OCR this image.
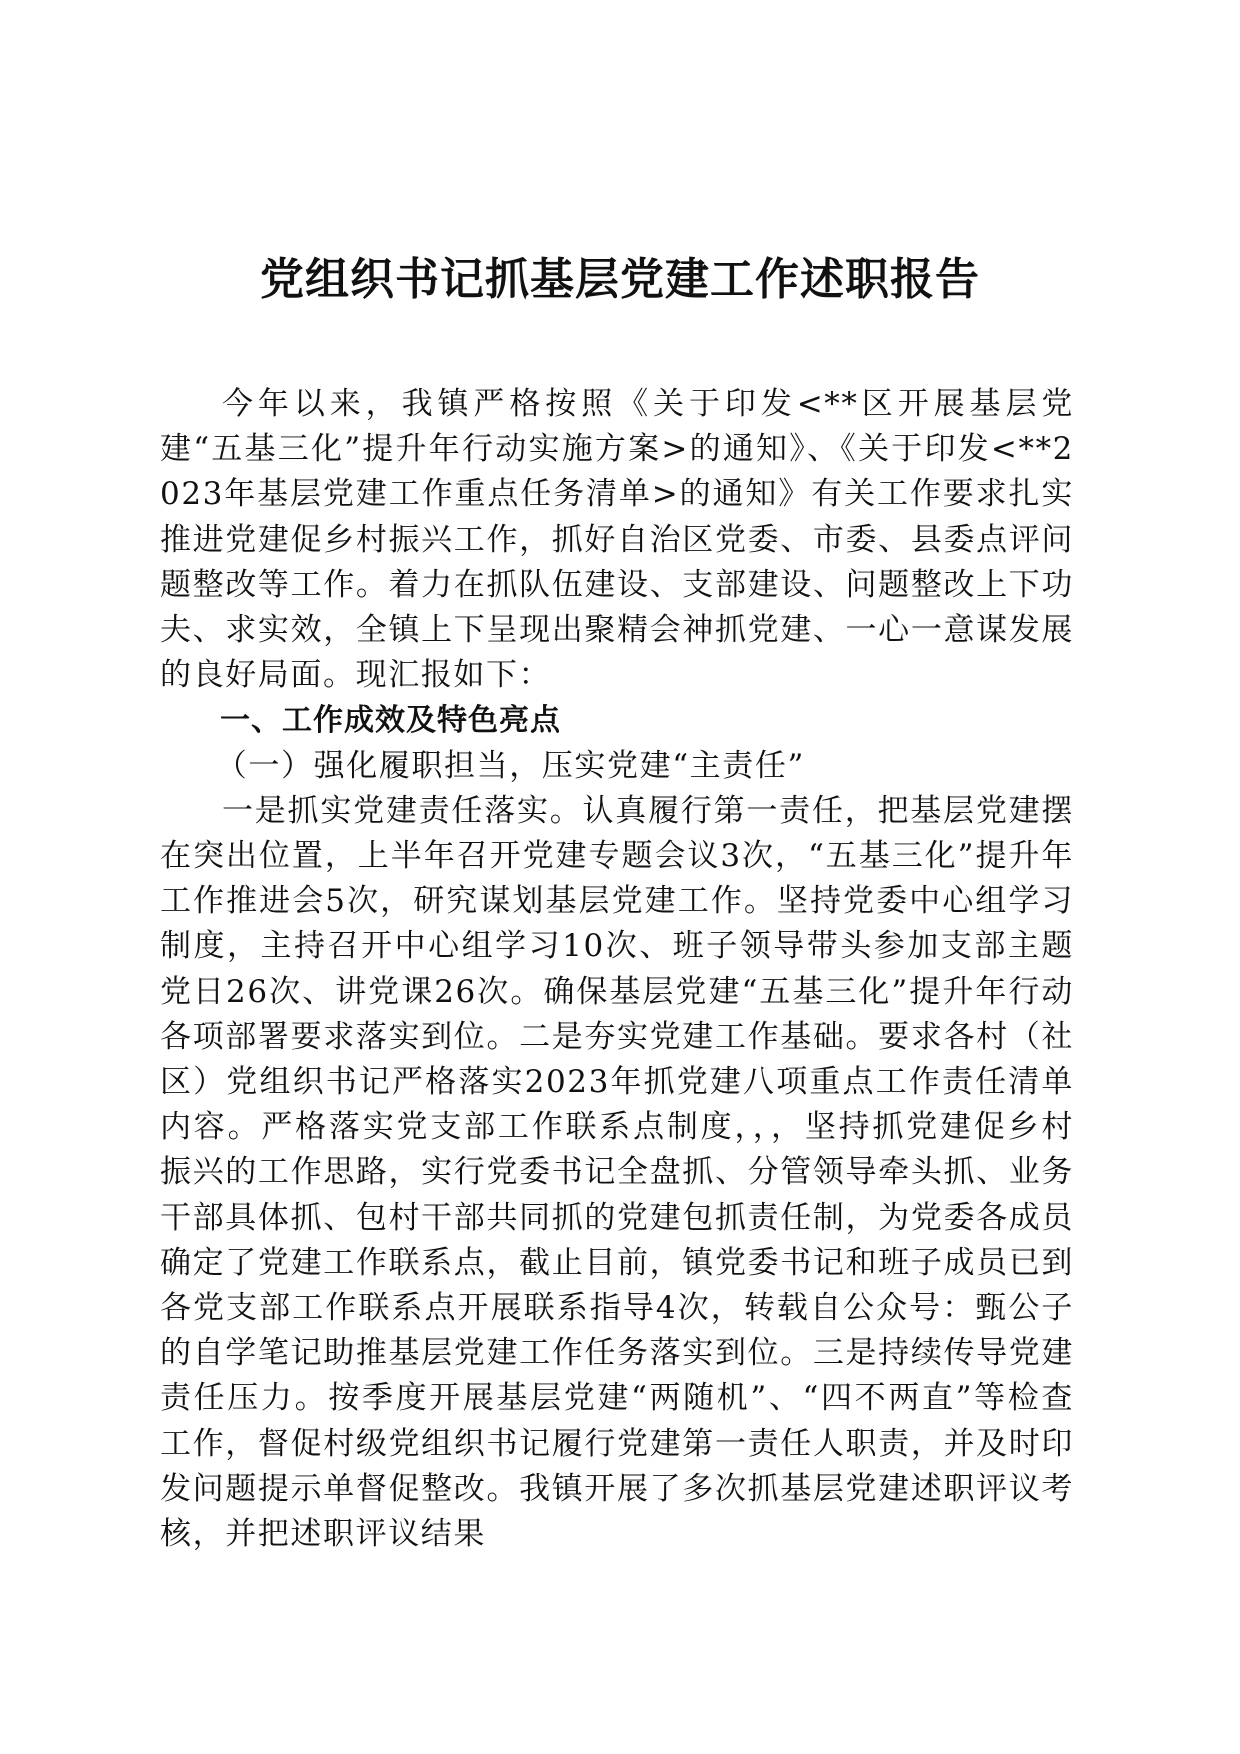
党组织书记抓基层党建工作述职报告

今年以来，我镇严格按照《关于印发<**区开展基层党建“五基三化”提升年行动实施方案>的通知》、《关于印发<**2023年基层党建工作重点任务清单>的通知》有关工作要求扎实推进党建促乡村振兴工作，抓好自治区党委、市委、县委点评问题整改等工作。着力在抓队伍建设、支部建设、问题整改上下功夫、求实效，全镇上下呈现出聚精会神抓党建、一心一意谋发展的良好局面。现汇报如下：

一、工作成效及特色亮点

（一）强化履职担当，压实党建“主责任”

一是抓实党建责任落实。认真履行第一责任，把基层党建摆在突出位置，上半年召开党建专题会议3次，“五基三化”提升年工作推进会5次，研究谋划基层党建工作。坚持党委中心组学习制度，主持召开中心组学习10次、班子领导带头参加支部主题党日26次、讲党课26次。确保基层党建“五基三化”提升年行动各项部署要求落实到位。二是夯实党建工作基础。要求各村（社区）党组织书记严格落实2023年抓党建八项重点工作责任清单内容。严格落实党支部工作联系点制度，，，坚持抓党建促乡村振兴的工作思路，实行党委书记全盘抓、分管领导牵头抓、业务干部具体抓、包村干部共同抓的党建包抓责任制，为党委各成员确定了党建工作联系点，截止目前，镇党委书记和班子成员已到各党支部工作联系点开展联系指导4次，转载自公众号：甄公子的自学笔记助推基层党建工作任务落实到位。三是持续传导党建责任压力。按季度开展基层党建“两随机”、“四不两直”等检查工作，督促村级党组织书记履行党建第一责任人职责，并及时印发问题提示单督促整改。我镇开展了多次抓基层党建述职评议考核，并把述职评议结果
